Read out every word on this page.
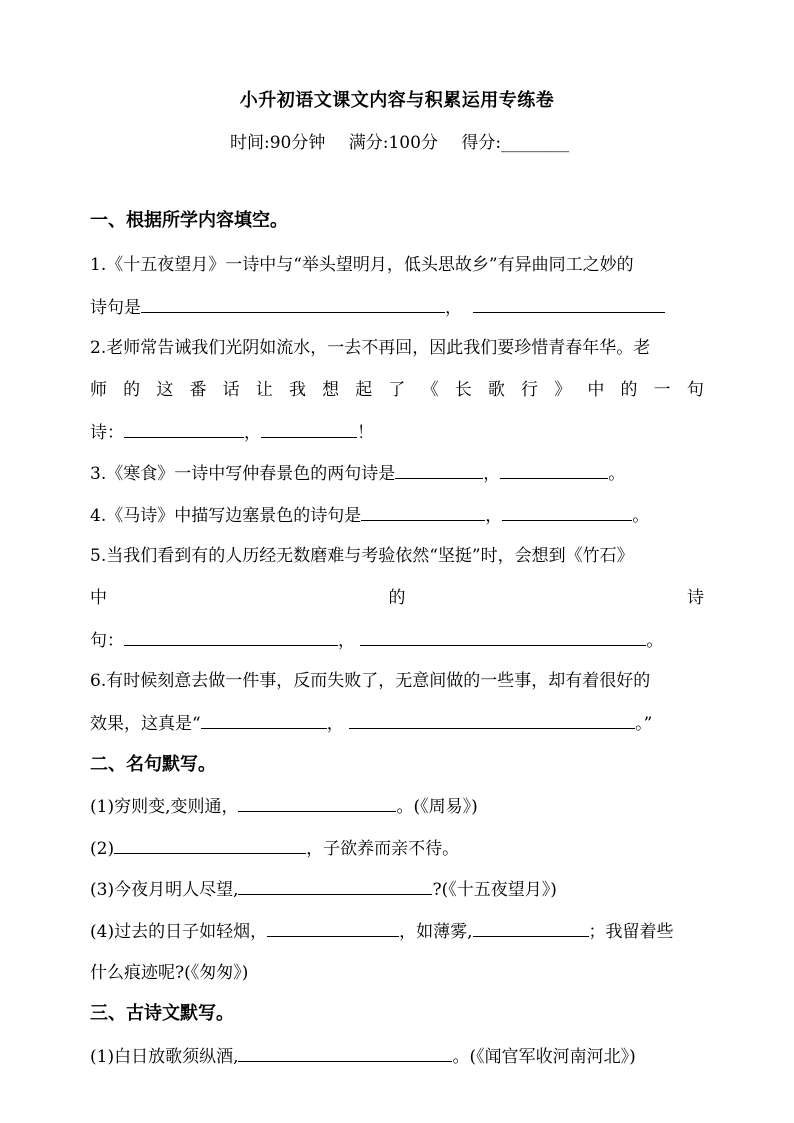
小升初语文课文内容与积累运用专练卷
时间:90分钟 满分:100分 得分:________
一、根据所学内容填空。
1.《十五夜望月》一诗中与“举头望明月，低头思故乡”有异曲同工之妙的
诗句是	，
2.老师常告诫我们光阴如流水，一去不再回，因此我们要珍惜青春年华。老
师 的 这 番 话 让 我 想 起 了 《 长 歌 行 》 中 的 一 句
诗：	，	！
3.《寒食》一诗中写仲春景色的两句诗是	，	。
4.《马诗》中描写边塞景色的诗句是	，	。
5.当我们看到有的人历经无数磨难与考验依然“坚挺”时，会想到《竹石》
中	的	诗
句：	，	。
6.有时候刻意去做一件事，反而失败了，无意间做的一些事，却有着很好的
效果，这真是“	，	。”
二、名句默写。
(1)穷则变,变则通，	。(《周易》)
(2)	，子欲养而亲不待。
(3)今夜月明人尽望,	?(《十五夜望月》)
(4)过去的日子如轻烟，	，如薄雾,	；我留着些
什么痕迹呢?(《匆匆》)
三、古诗文默写。
(1)白日放歌须纵酒,	。(《闻官军收河南河北》)
